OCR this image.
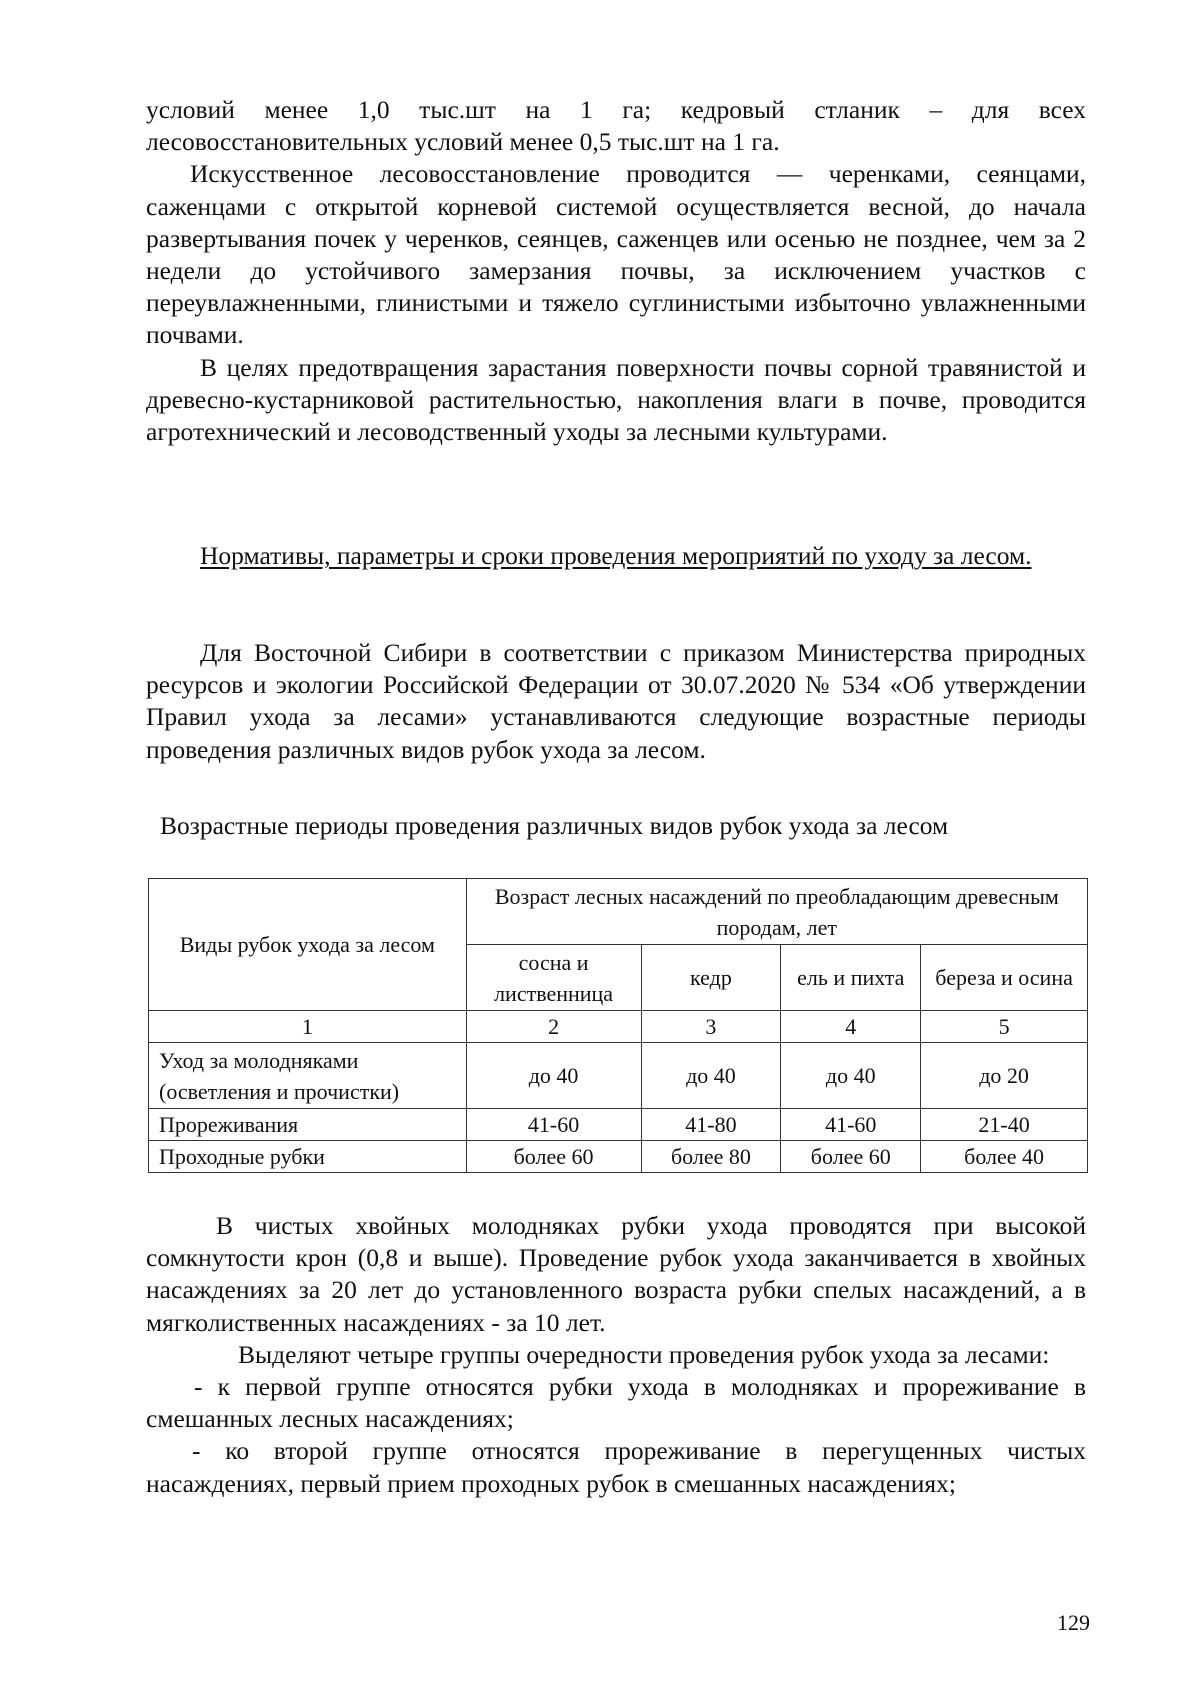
условий менее 1,0 тыс.шт на 1 га; кедровый стланик – для всех лесовосстановительных условий менее 0,5 тыс.шт на 1 га.

Искусственное лесовосстановление проводится — черенками, сеянцами, саженцами с открытой корневой системой осуществляется весной, до начала развертывания почек у черенков, сеянцев, саженцев или осенью не позднее, чем за 2 недели до устойчивого замерзания почвы, за исключением участков с переувлажненными, глинистыми и тяжело суглинистыми избыточно увлажненными почвами.

В целях предотвращения зарастания поверхности почвы сорной травянистой и древесно-кустарниковой растительностью, накопления влаги в почве, проводится агротехнический и лесоводственный уходы за лесными культурами.

Нормативы, параметры и сроки проведения мероприятий по уходу за лесом.

Для Восточной Сибири в соответствии с приказом Министерства природных ресурсов и экологии Российской Федерации от 30.07.2020 № 534 «Об утверждении Правил ухода за лесами» устанавливаются следующие возрастные периоды проведения различных видов рубок ухода за лесом.

Возрастные периоды проведения различных видов рубок ухода за лесом
Виды рубок ухода за лесом	Возраст лесных насаждений по преобладающим древесным породам, лет			
	сосна и лиственница	кедр	ель и пихта	береза и осина
1	2	3	4	5
Уход за молодняками (осветления и прочистки)	до 40	до 40	до 40	до 20
Прореживания	41-60	41-80	41-60	21-40
Проходные рубки	более 60	более 80	более 60	более 40

В чистых хвойных молодняках рубки ухода проводятся при высокой сомкнутости крон (0,8 и выше). Проведение рубок ухода заканчивается в хвойных насаждениях за 20 лет до установленного возраста рубки спелых насаждений, а в мягколиственных насаждениях - за 10 лет.

Выделяют четыре группы очередности проведения рубок ухода за лесами:

- к первой группе относятся рубки ухода в молодняках и прореживание в смешанных лесных насаждениях;

- ко второй группе относятся прореживание в перегущенных чистых насаждениях, первый прием проходных рубок в смешанных насаждениях;

129
